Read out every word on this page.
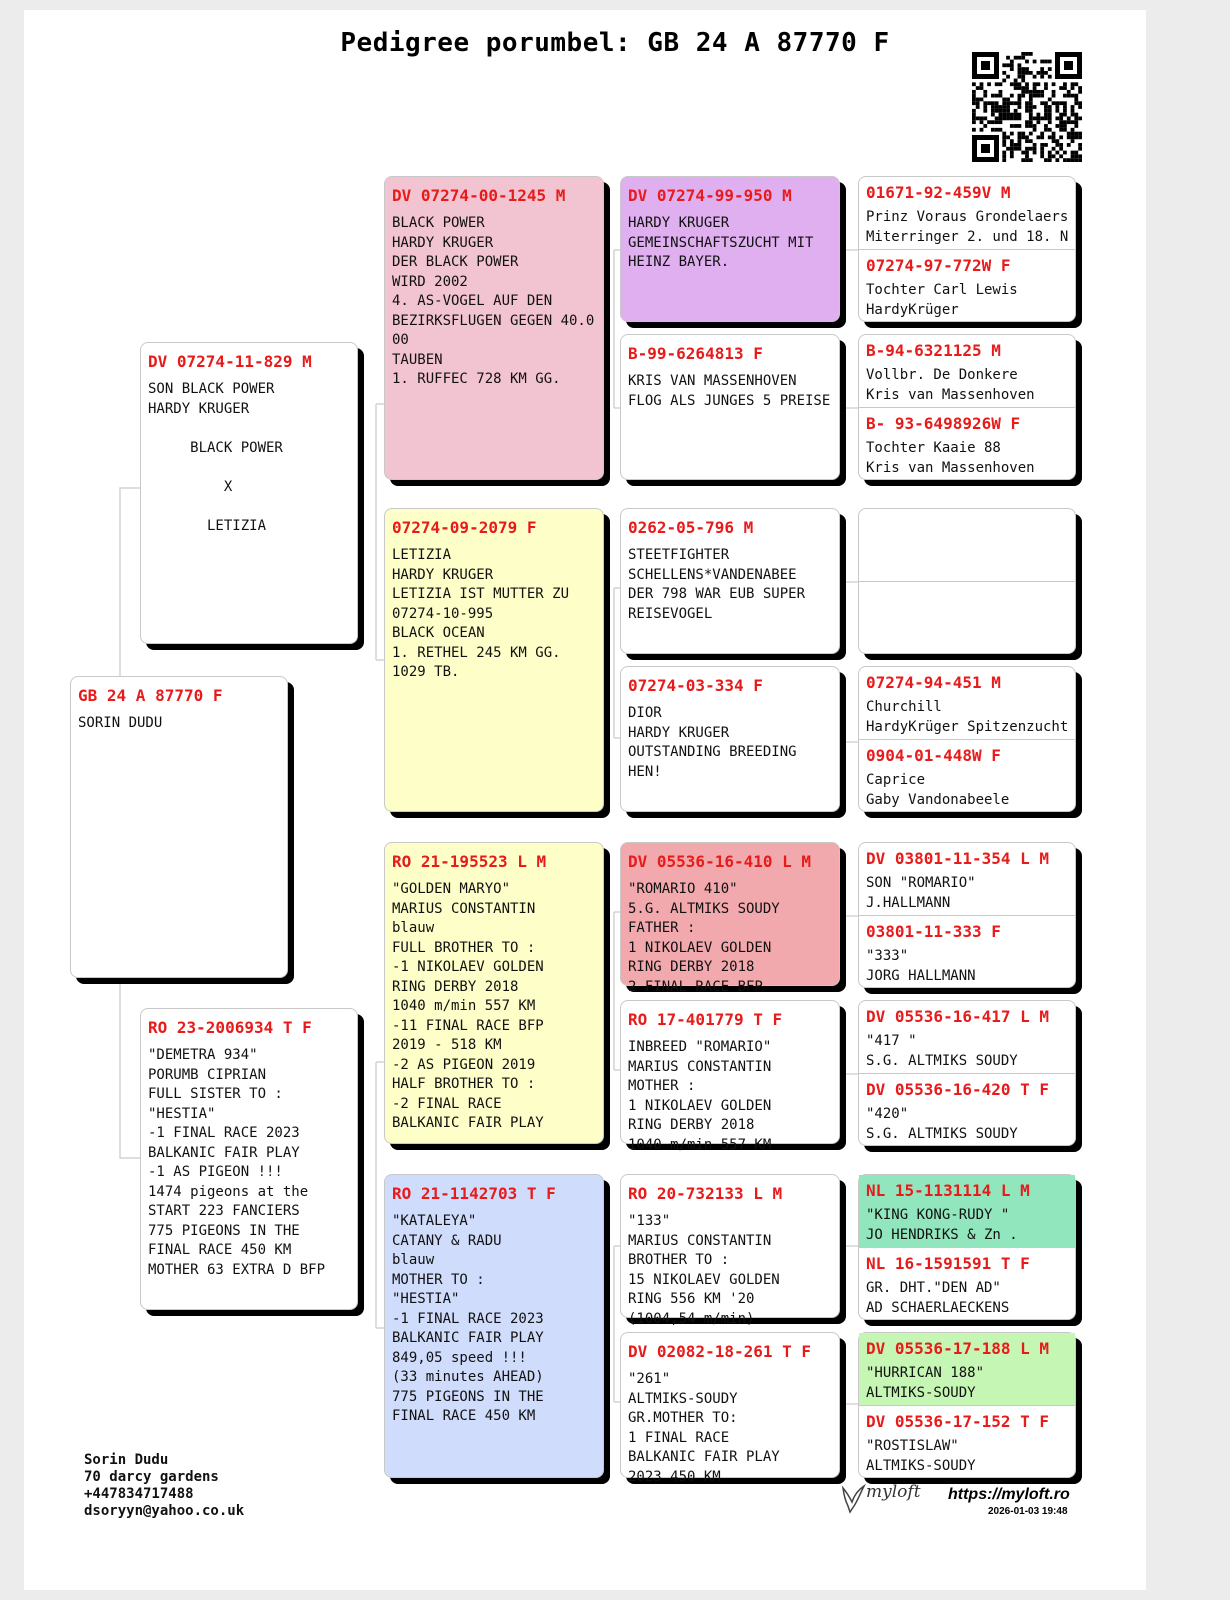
Pedigree porumbel: GB 24 A 87770 F
GB 24 A 87770 F
SORIN DUDU
DV 07274-11-829 M
SON BLACK POWER
HARDY KRUGER

BLACK POWER

X

LETIZIA
RO 23-2006934 T F
"DEMETRA 934"
PORUMB CIPRIAN
FULL SISTER TO :
"HESTIA"
-1 FINAL RACE 2023
BALKANIC FAIR PLAY
-1 AS PIGEON !!!
1474 pigeons at the
START 223 FANCIERS
775 PIGEONS IN THE
FINAL RACE 450 KM
MOTHER 63 EXTRA D BFP
DV 07274-00-1245 M
BLACK POWER
HARDY KRUGER
DER BLACK POWER
WIRD 2002
4. AS-VOGEL AUF DEN
BEZIRKSFLUGEN GEGEN 40.0
00
TAUBEN
1. RUFFEC 728 KM GG.
07274-09-2079 F
LETIZIA
HARDY KRUGER
LETIZIA IST MUTTER ZU
07274-10-995
BLACK OCEAN
1. RETHEL 245 KM GG.
1029 TB.
RO 21-195523 L M
"GOLDEN MARYO"
MARIUS CONSTANTIN
blauw
FULL BROTHER TO :
-1 NIKOLAEV GOLDEN
RING DERBY 2018
1040 m/min 557 KM
-11 FINAL RACE BFP
2019 - 518 KM
-2 AS PIGEON 2019
HALF BROTHER TO :
-2 FINAL RACE
BALKANIC FAIR PLAY
RO 21-1142703 T F
"KATALEYA"
CATANY & RADU
blauw
MOTHER TO :
"HESTIA"
-1 FINAL RACE 2023
BALKANIC FAIR PLAY
849,05 speed !!!
(33 minutes AHEAD)
775 PIGEONS IN THE
FINAL RACE 450 KM
DV 07274-99-950 M
HARDY KRUGER
GEMEINSCHAFTSZUCHT MIT
HEINZ BAYER.
B-99-6264813 F
KRIS VAN MASSENHOVEN
FLOG ALS JUNGES 5 PREISE
0262-05-796 M
STEETFIGHTER
SCHELLENS*VANDENABEE
DER 798 WAR EUB SUPER
REISEVOGEL
07274-03-334 F
DIOR
HARDY KRUGER
OUTSTANDING BREEDING
HEN!
DV 05536-16-410 L M
"ROMARIO 410"
5.G. ALTMIKS SOUDY
FATHER :
1 NIKOLAEV GOLDEN
RING DERBY 2018
2 FINAL RACE BFP
RO 17-401779 T F
INBREED "ROMARIO"
MARIUS CONSTANTIN
MOTHER :
1 NIKOLAEV GOLDEN
RING DERBY 2018
1040 m/min 557 KM
RO 20-732133 L M
"133"
MARIUS CONSTANTIN
BROTHER TO :
15 NIKOLAEV GOLDEN
RING 556 KM '20
(1004,54 m/min)
DV 02082-18-261 T F
"261"
ALTMIKS-SOUDY
GR.MOTHER TO:
1 FINAL RACE
BALKANIC FAIR PLAY
2023 450 KM
01671-92-459V M
Prinz Voraus Grondelaers
Miterringer 2. und 18. N
07274-97-772W F
Tochter Carl Lewis
HardyKrüger
B-94-6321125 M
Vollbr. De Donkere
Kris van Massenhoven
B- 93-6498926W F
Tochter Kaaie 88
Kris van Massenhoven
07274-94-451 M
Churchill
HardyKrüger Spitzenzucht
0904-01-448W F
Caprice
Gaby Vandonabeele
DV 03801-11-354 L M
SON "ROMARIO"
J.HALLMANN
03801-11-333 F
"333"
JORG HALLMANN
DV 05536-16-417 L M
"417 "
S.G. ALTMIKS SOUDY
DV 05536-16-420 T F
"420"
S.G. ALTMIKS SOUDY
NL 15-1131114 L M
"KING KONG-RUDY "
JO HENDRIKS & Zn .
NL 16-1591591 T F
GR. DHT."DEN AD"
AD SCHAERLAECKENS
DV 05536-17-188 L M
"HURRICAN 188"
ALTMIKS-SOUDY
DV 05536-17-152 T F
"ROSTISLAW"
ALTMIKS-SOUDY
Sorin Dudu
70 darcy gardens
+447834717488
dsoryyn@yahoo.co.uk
myloft https://myloft.ro
2026-01-03 19:48
